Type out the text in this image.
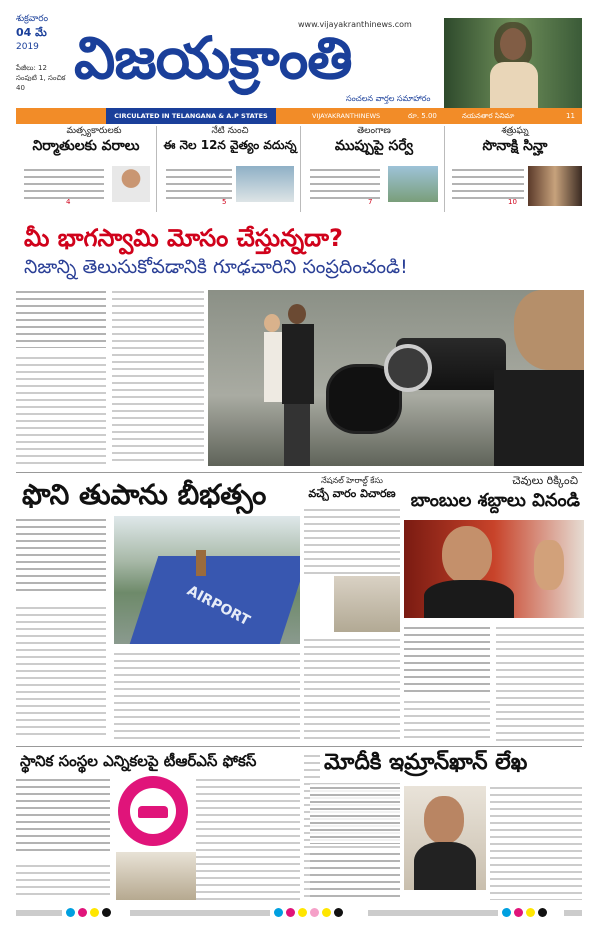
శుక్రవారం
04 మే
2019
పేజీలు: 12
సంపుటి 1, సంచిక 40
www.vijayakranthinews.com
విజయక్రాంతి
సంచలన వార్తల సమాహారం
CIRCULATED IN TELANGANA & A.P STATES	VIJAYAKRANTHINEWS	రూ. 5.00	నయనతార సినిమా	11
మత్స్యకారులకు
నిర్మాతులకు వరాలు
4
నేటి నుంచి
ఈ నెల 12న వైత్యం వదున్న
5
తెలంగాణ
ముప్పుపై సర్వే
7
శత్రుఘ్న
సొనాక్షి సిన్హా
10
మీ భాగస్వామి మోసం చేస్తున్నదా?
నిజాన్ని తెలుసుకోవడానికి గూఢచారిని సంప్రదించండి!
ఫొని తుపాను బీభత్సం
AIRPORT
నేషనల్ హెరాల్డ్ కేసు
వచ్చే వారం విచారణ
చెవులు రిక్కించి
బాంబుల శబ్దాలు వినండి
స్థానిక సంస్థల ఎన్నికలపై టీఆర్ఎస్ ఫోకస్	మోదీకి ఇమ్రాన్‌ఖాన్ లేఖ
